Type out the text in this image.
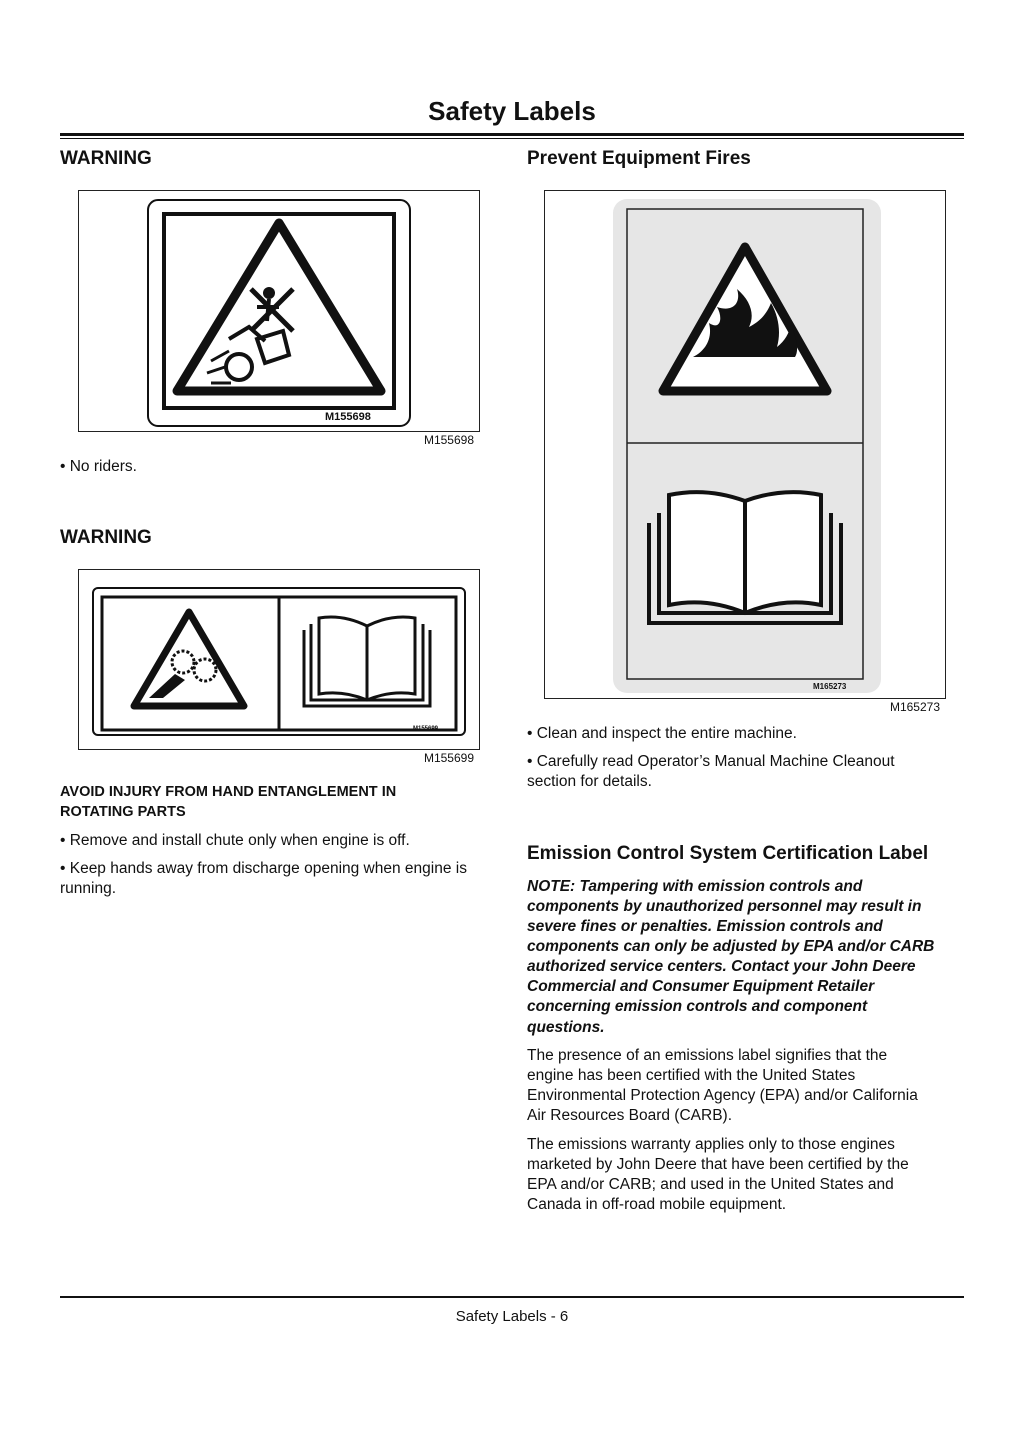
Safety Labels
WARNING
M155698
M155698

• No riders.

WARNING
M155699
M155699

AVOID INJURY FROM HAND ENTANGLEMENT IN

ROTATING PARTS

• Remove and install chute only when engine is off.

• Keep hands away from discharge opening when engine is

running.

Prevent Equipment Fires
M165273
M165273

• Clean and inspect the entire machine.

• Carefully read Operator’s Manual Machine Cleanout

section for details.

Emission Control System Certification Label

NOTE: Tampering with emission controls and

components by unauthorized personnel may result in

severe fines or penalties. Emission controls and

components can only be adjusted by EPA and/or CARB

authorized service centers. Contact your John Deere

Commercial and Consumer Equipment Retailer

concerning emission controls and component

questions.

The presence of an emissions label signifies that the

engine has been certified with the United States

Environmental Protection Agency (EPA) and/or California

Air Resources Board (CARB).

The emissions warranty applies only to those engines

marketed by John Deere that have been certified by the

EPA and/or CARB; and used in the United States and

Canada in off-road mobile equipment.

Safety Labels - 6
